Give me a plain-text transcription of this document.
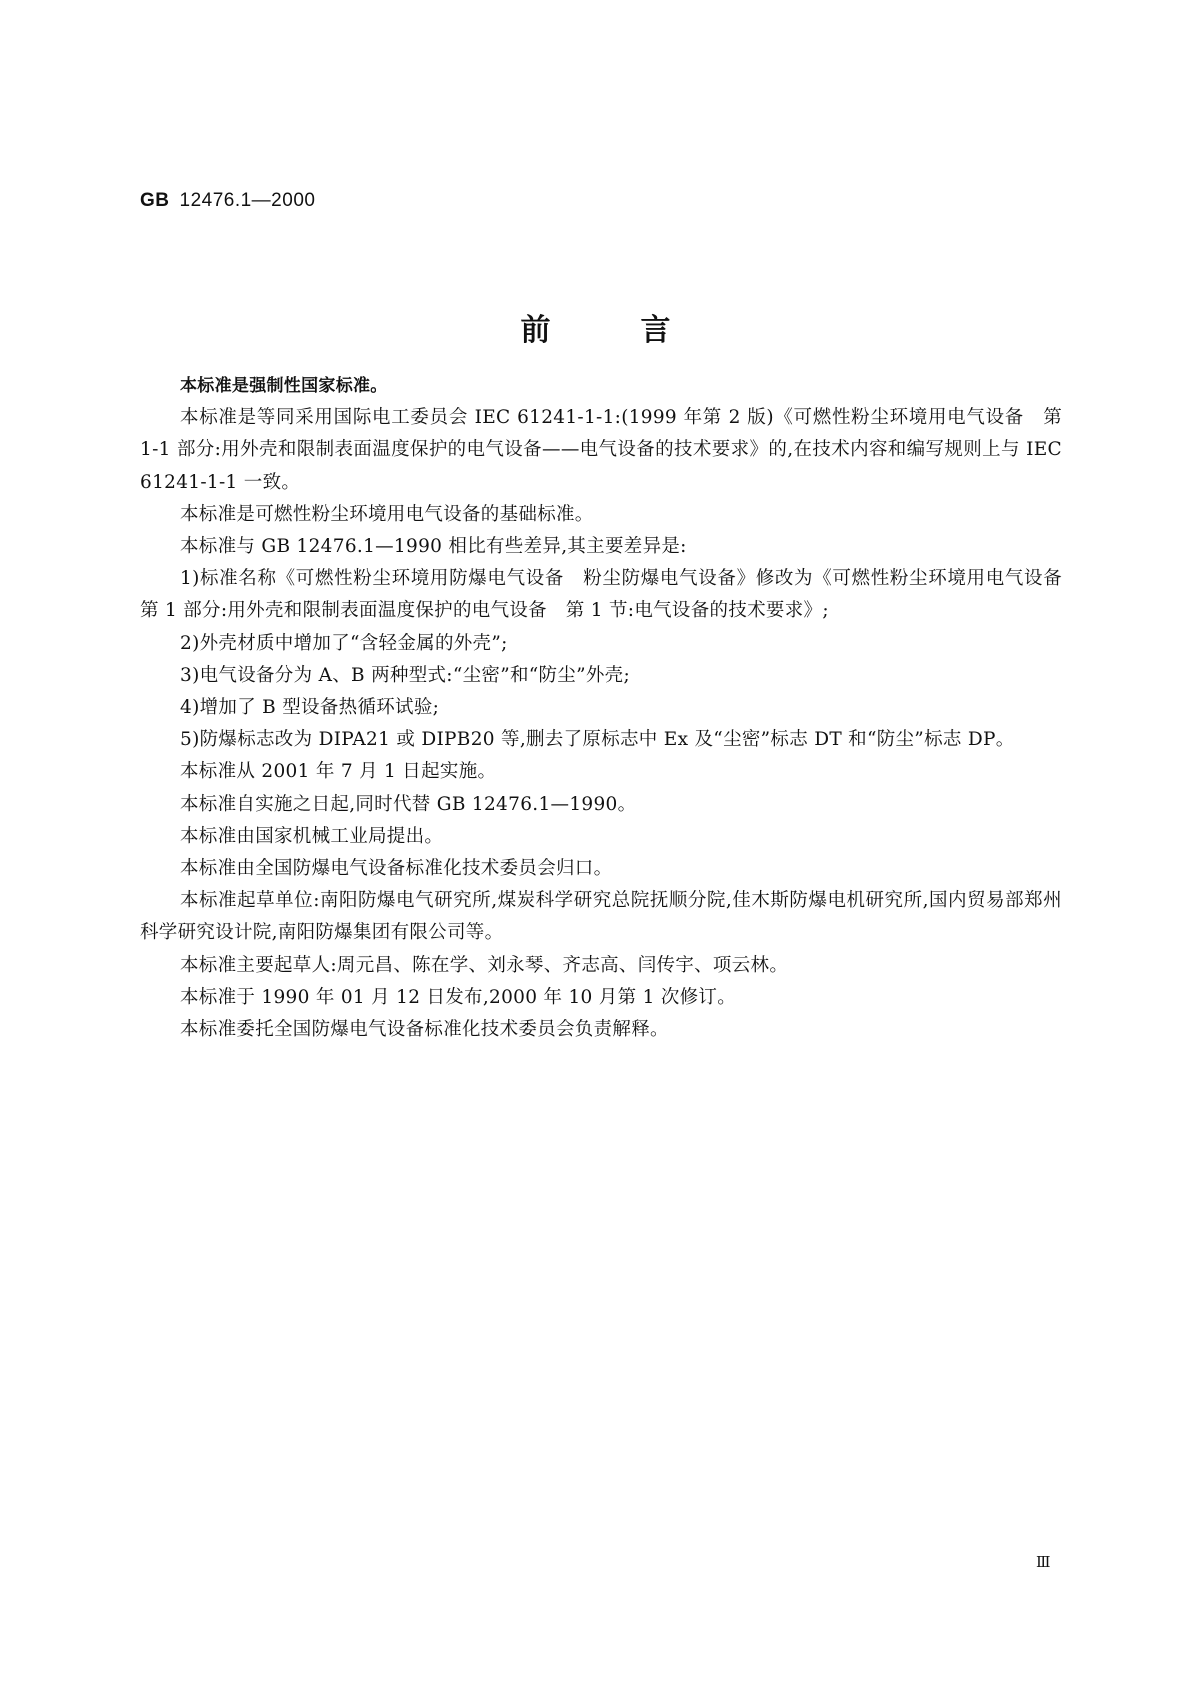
GB 12476.1—2000
前言

本标准是强制性国家标准。

本标准是等同采用国际电工委员会 IEC 61241-1-1:(1999 年第 2 版)《可燃性粉尘环境用电气设备　第1-1 部分:用外壳和限制表面温度保护的电气设备——电气设备的技术要求》的,在技术内容和编写规则上与 IEC 61241-1-1 一致。

本标准是可燃性粉尘环境用电气设备的基础标准。

本标准与 GB 12476.1—1990 相比有些差异,其主要差异是:

1)标准名称《可燃性粉尘环境用防爆电气设备　粉尘防爆电气设备》修改为《可燃性粉尘环境用电气设备　第 1 部分:用外壳和限制表面温度保护的电气设备　第 1 节:电气设备的技术要求》;

2)外壳材质中增加了“含轻金属的外壳”;

3)电气设备分为 A、B 两种型式:“尘密”和“防尘”外壳;

4)增加了 B 型设备热循环试验;

5)防爆标志改为 DIPA21 或 DIPB20 等,删去了原标志中 Ex 及“尘密”标志 DT 和“防尘”标志 DP。

本标准从 2001 年 7 月 1 日起实施。

本标准自实施之日起,同时代替 GB 12476.1—1990。

本标准由国家机械工业局提出。

本标准由全国防爆电气设备标准化技术委员会归口。

本标准起草单位:南阳防爆电气研究所,煤炭科学研究总院抚顺分院,佳木斯防爆电机研究所,国内贸易部郑州科学研究设计院,南阳防爆集团有限公司等。

本标准主要起草人:周元昌、陈在学、刘永琴、齐志高、闫传宇、项云林。

本标准于 1990 年 01 月 12 日发布,2000 年 10 月第 1 次修订。

本标准委托全国防爆电气设备标准化技术委员会负责解释。

Ⅲ
